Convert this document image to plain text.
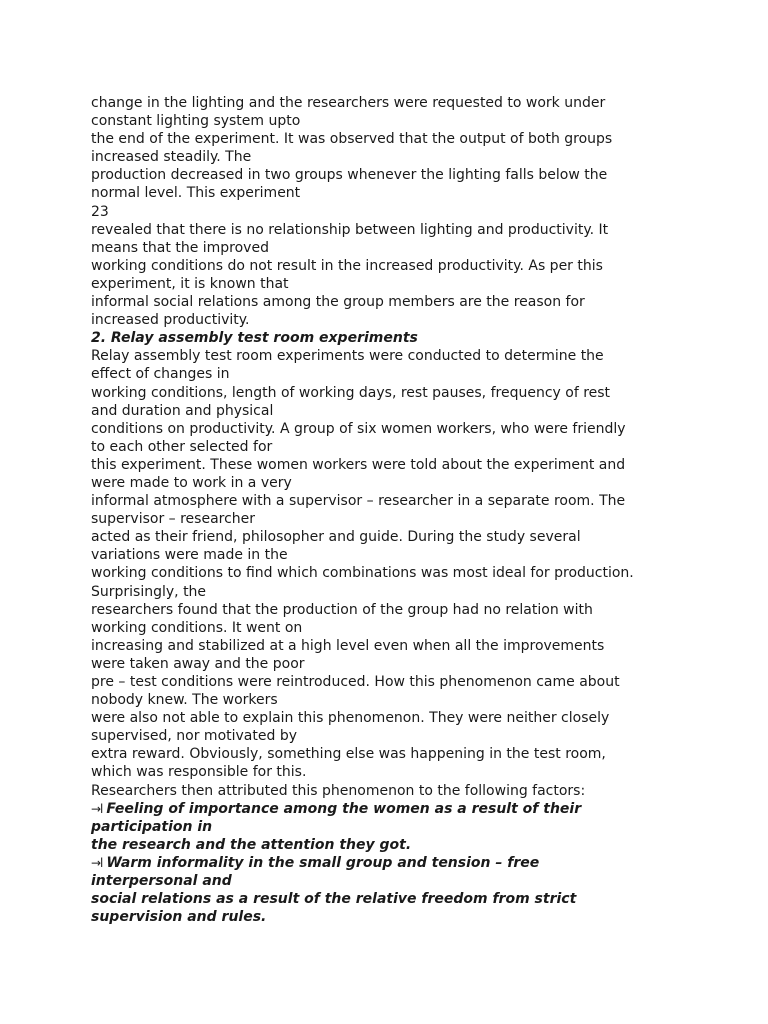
change in the lighting and the researchers were requested to work under
constant lighting system upto
the end of the experiment. It was observed that the output of both groups
increased steadily. The
production decreased in two groups whenever the lighting falls below the
normal level. This experiment
23
revealed that there is no relationship between lighting and productivity. It
means that the improved
working conditions do not result in the increased productivity. As per this
experiment, it is known that
informal social relations among the group members are the reason for
increased productivity.
2. Relay assembly test room experiments
Relay assembly test room experiments were conducted to determine the
effect of changes in
working conditions, length of working days, rest pauses, frequency of rest
and duration and physical
conditions on productivity. A group of six women workers, who were friendly
to each other selected for
this experiment. These women workers were told about the experiment and
were made to work in a very
informal atmosphere with a supervisor – researcher in a separate room. The
supervisor – researcher
acted as their friend, philosopher and guide. During the study several
variations were made in the
working conditions to find which combinations was most ideal for production.
Surprisingly, the
researchers found that the production of the group had no relation with
working conditions. It went on
increasing and stabilized at a high level even when all the improvements
were taken away and the poor
pre – test conditions were reintroduced. How this phenomenon came about
nobody knew. The workers
were also not able to explain this phenomenon. They were neither closely
supervised, nor motivated by
extra reward. Obviously, something else was happening in the test room,
which was responsible for this.
Researchers then attributed this phenomenon to the following factors:
→l Feeling of importance among the women as a result of their
participation in
the research and the attention they got.
→l Warm informality in the small group and tension – free
interpersonal and
social relations as a result of the relative freedom from strict
supervision and rules.
